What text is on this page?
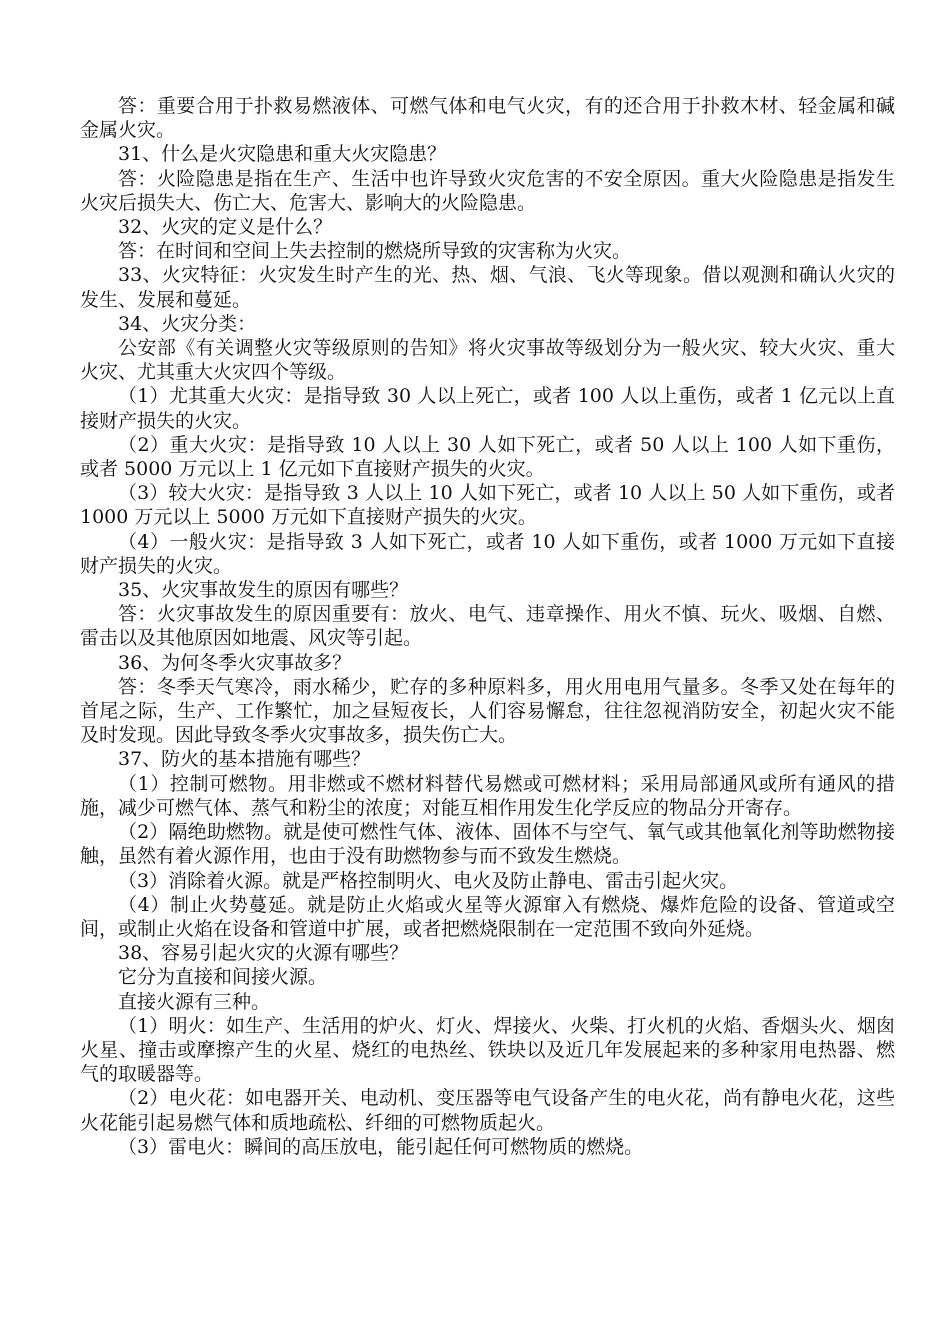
答：重要合用于扑救易燃液体、可燃气体和电气火灾，有的还合用于扑救木材、轻金属和碱金属火灾。

31、什么是火灾隐患和重大火灾隐患？

答：火险隐患是指在生产、生活中也许导致火灾危害的不安全原因。重大火险隐患是指发生火灾后损失大、伤亡大、危害大、影响大的火险隐患。

32、火灾的定义是什么？

答：在时间和空间上失去控制的燃烧所导致的灾害称为火灾。

33、火灾特征：火灾发生时产生的光、热、烟、气浪、飞火等现象。借以观测和确认火灾的发生、发展和蔓延。

34、火灾分类：

公安部《有关调整火灾等级原则的告知》将火灾事故等级划分为一般火灾、较大火灾、重大火灾、尤其重大火灾四个等级。

（1）尤其重大火灾：是指导致 30 人以上死亡，或者 100 人以上重伤，或者 1 亿元以上直接财产损失的火灾。

（2）重大火灾：是指导致 10 人以上 30 人如下死亡，或者 50 人以上 100 人如下重伤，或者 5000 万元以上 1 亿元如下直接财产损失的火灾。

（3）较大火灾：是指导致 3 人以上 10 人如下死亡，或者 10 人以上 50 人如下重伤，或者 1000 万元以上 5000 万元如下直接财产损失的火灾。

（4）一般火灾：是指导致 3 人如下死亡，或者 10 人如下重伤，或者 1000 万元如下直接财产损失的火灾。

35、火灾事故发生的原因有哪些？

答：火灾事故发生的原因重要有：放火、电气、违章操作、用火不慎、玩火、吸烟、自燃、雷击以及其他原因如地震、风灾等引起。

36、为何冬季火灾事故多？

答：冬季天气寒冷，雨水稀少，贮存的多种原料多，用火用电用气量多。冬季又处在每年的首尾之际，生产、工作繁忙，加之昼短夜长，人们容易懈怠，往往忽视消防安全，初起火灾不能及时发现。因此导致冬季火灾事故多，损失伤亡大。

37、防火的基本措施有哪些？

（1）控制可燃物。用非燃或不燃材料替代易燃或可燃材料；采用局部通风或所有通风的措施，减少可燃气体、蒸气和粉尘的浓度；对能互相作用发生化学反应的物品分开寄存。

（2）隔绝助燃物。就是使可燃性气体、液体、固体不与空气、氧气或其他氧化剂等助燃物接触，虽然有着火源作用，也由于没有助燃物参与而不致发生燃烧。

（3）消除着火源。就是严格控制明火、电火及防止静电、雷击引起火灾。

（4）制止火势蔓延。就是防止火焰或火星等火源窜入有燃烧、爆炸危险的设备、管道或空间，或制止火焰在设备和管道中扩展，或者把燃烧限制在一定范围不致向外延烧。

38、容易引起火灾的火源有哪些？

它分为直接和间接火源。

直接火源有三种。

（1）明火：如生产、生活用的炉火、灯火、焊接火、火柴、打火机的火焰、香烟头火、烟囱火星、撞击或摩擦产生的火星、烧红的电热丝、铁块以及近几年发展起来的多种家用电热器、燃气的取暖器等。

（2）电火花：如电器开关、电动机、变压器等电气设备产生的电火花，尚有静电火花，这些火花能引起易燃气体和质地疏松、纤细的可燃物质起火。

（3）雷电火：瞬间的高压放电，能引起任何可燃物质的燃烧。
